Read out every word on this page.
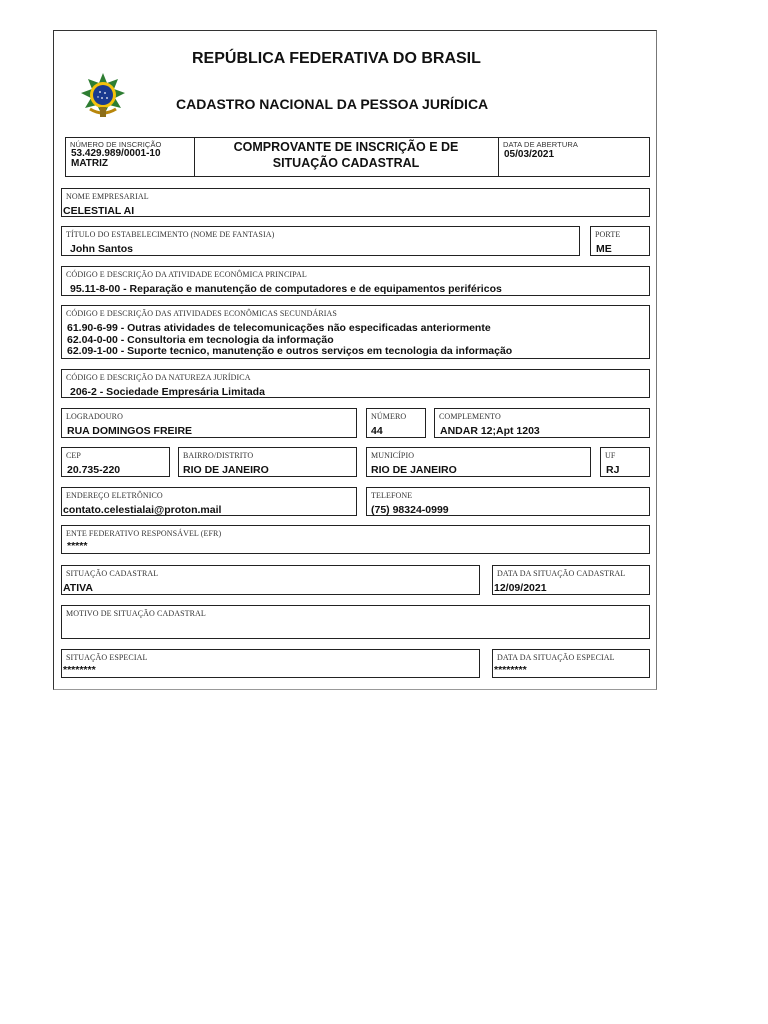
REPÚBLICA FEDERATIVA DO BRASIL
CADASTRO NACIONAL DA PESSOA JURÍDICA
NÚMERO DE INSCRIÇÃO
53.429.989/0001-10
MATRIZ
COMPROVANTE DE INSCRIÇÃO E DE
SITUAÇÃO CADASTRAL
DATA DE ABERTURA
05/03/2021
NOME EMPRESARIAL
CELESTIAL AI
TÍTULO DO ESTABELECIMENTO (NOME DE FANTASIA)
John Santos
PORTE
ME
CÓDIGO E DESCRIÇÃO DA ATIVIDADE ECONÔMICA PRINCIPAL
95.11-8-00 - Reparação e manutenção de computadores e de equipamentos periféricos
CÓDIGO E DESCRIÇÃO DAS ATIVIDADES ECONÔMICAS SECUNDÁRIAS
61.90-6-99 - Outras atividades de telecomunicações não especificadas anteriormente
62.04-0-00 - Consultoria em tecnologia da informação
62.09-1-00 - Suporte tecnico, manutenção e outros serviços em tecnologia da informação
CÓDIGO E DESCRIÇÃO DA NATUREZA JURÍDICA
206-2 - Sociedade Empresária Limitada
LOGRADOURO
RUA DOMINGOS FREIRE
NÚMERO
44
COMPLEMENTO
ANDAR 12;Apt 1203
CEP
20.735-220
BAIRRO/DISTRITO
RIO DE JANEIRO
MUNICÍPIO
RIO DE JANEIRO
UF
RJ
ENDEREÇO ELETRÔNICO
contato.celestialai@proton.mail
TELEFONE
(75) 98324-0999
ENTE FEDERATIVO RESPONSÁVEL (EFR)
*****
SITUAÇÃO CADASTRAL
ATIVA
DATA DA SITUAÇÃO CADASTRAL
12/09/2021
MOTIVO DE SITUAÇÃO CADASTRAL
SITUAÇÃO ESPECIAL
********
DATA DA SITUAÇÃO ESPECIAL
********
